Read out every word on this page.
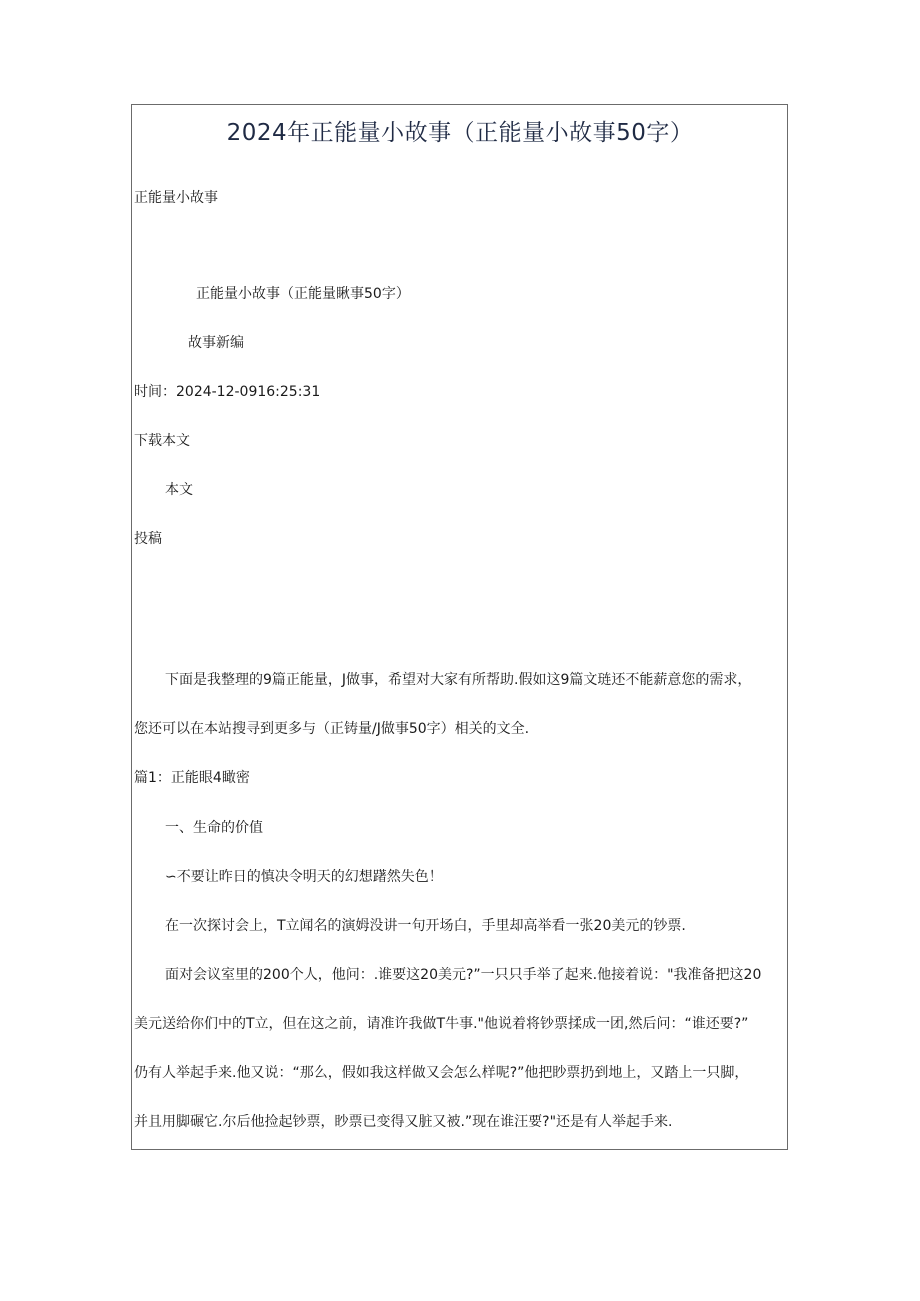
2024年正能量小故事（正能量小故事50字）
正能量小故事
正能量小故事（正能量瞅事50字）
故事新编
时间：2024-12-0916:25:31
下载本文
本文
投稿
下面是我整理的9篇正能量，J做事，希望对大家有所帮助.假如这9篇文琏还不能薪意您的需求，
您还可以在本站搜寻到更多与（正铸量/J做事50字）相关的文全.
篇1：正能眼4瞰密
一、生命的价值
∽不要让昨日的慎决令明天的幻想躇然失色！
在一次探讨会上，T立闻名的演姆没讲一句开场白，手里却高举看一张20美元的钞票.
面对会议室里的200个人，他问：.谁要这20美元?”一只只手举了起来.他接着说："我准备把这20
美元送给你们中的T立，但在这之前，请准许我做T牛事."他说着将钞票揉成一团,然后问：“谁还要?”
仍有人举起手来.他又说：“那么，假如我这样做又会怎么样呢?”他把眇票扔到地上，又踏上一只脚，
并且用脚碾它.尔后他捡起钞票，眇票已变得又脏又被.”现在谁汪要?"还是有人举起手来.
